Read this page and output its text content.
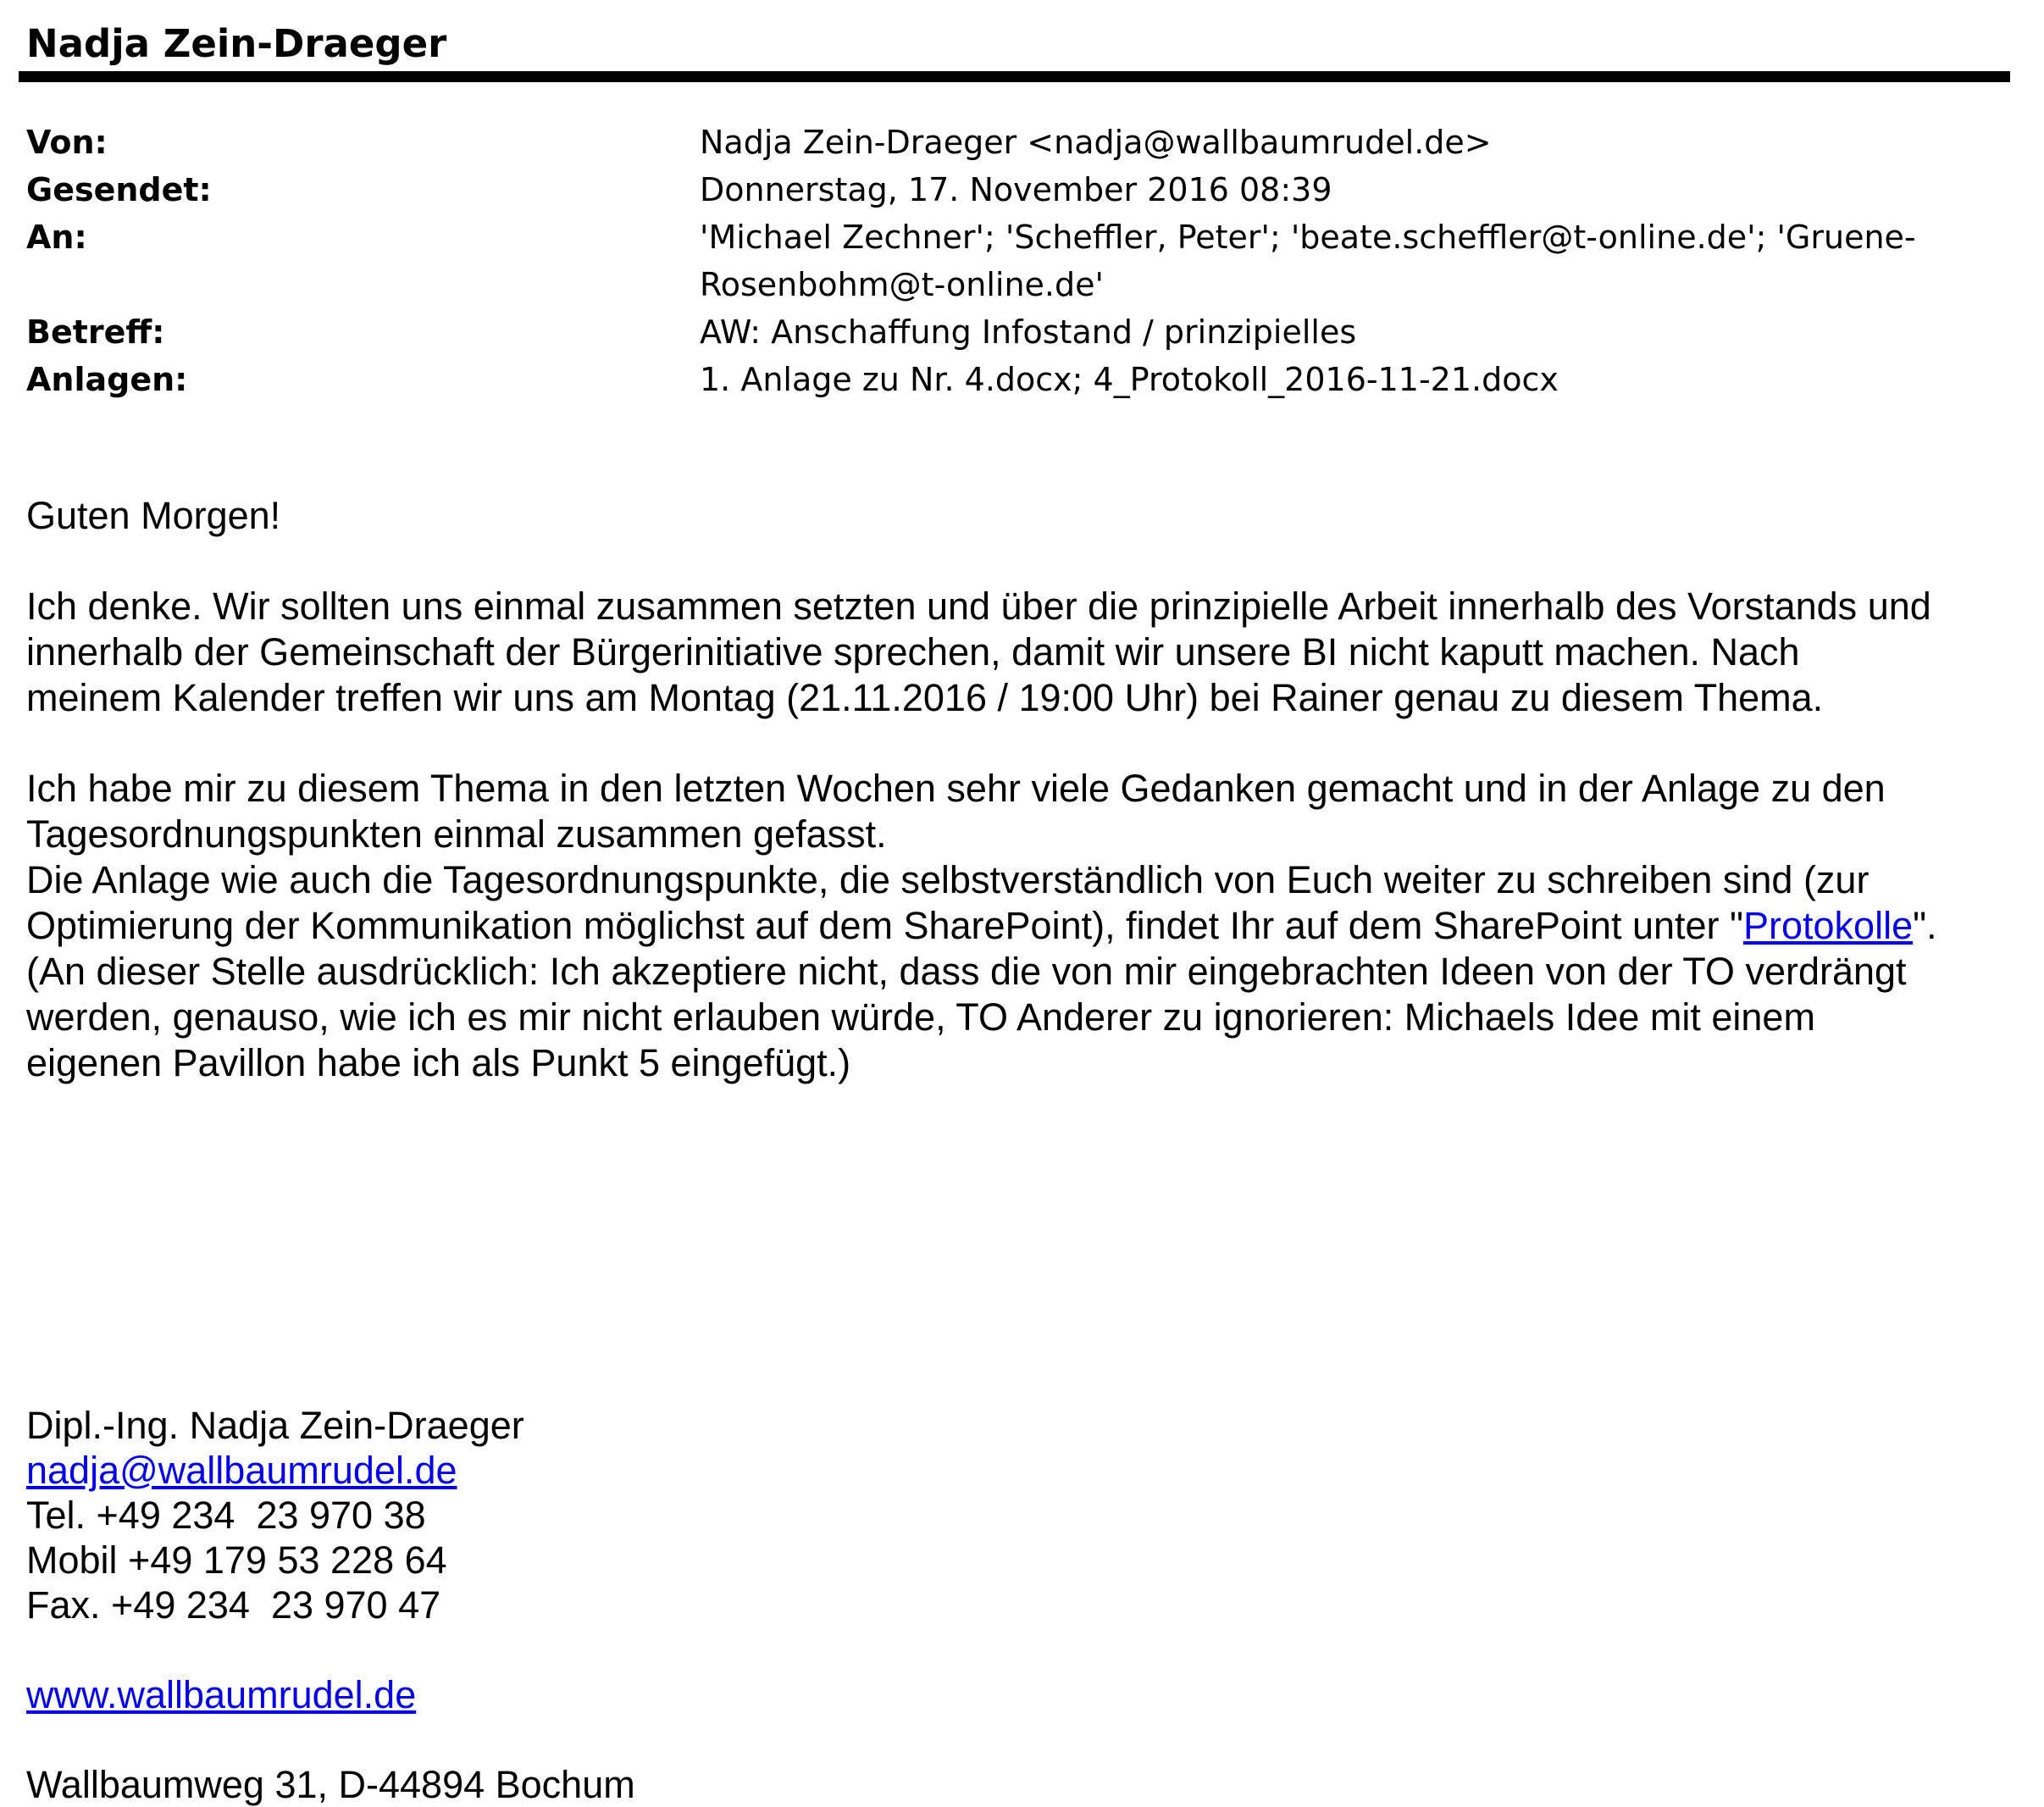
Nadja Zein-Draeger
Von:	Nadja Zein-Draeger <nadja@wallbaumrudel.de>
Gesendet:	Donnerstag, 17. November 2016 08:39
An:	'Michael Zechner'; 'Scheffler, Peter'; 'beate.scheffler@t-online.de'; 'Gruene-
Rosenbohm@t-online.de'
Betreff:	AW: Anschaffung Infostand / prinzipielles
Anlagen:	1. Anlage zu Nr. 4.docx; 4_Protokoll_2016-11-21.docx

Guten Morgen!

Ich denke. Wir sollten uns einmal zusammen setzten und über die prinzipielle Arbeit innerhalb des Vorstands und

innerhalb der Gemeinschaft der Bürgerinitiative sprechen, damit wir unsere BI nicht kaputt machen. Nach

meinem Kalender treffen wir uns am Montag (21.11.2016 / 19:00 Uhr) bei Rainer genau zu diesem Thema.

Ich habe mir zu diesem Thema in den letzten Wochen sehr viele Gedanken gemacht und in der Anlage zu den

Tagesordnungspunkten einmal zusammen gefasst.

Die Anlage wie auch die Tagesordnungspunkte, die selbstverständlich von Euch weiter zu schreiben sind (zur

Optimierung der Kommunikation möglichst auf dem SharePoint), findet Ihr auf dem SharePoint unter "Protokolle".

(An dieser Stelle ausdrücklich: Ich akzeptiere nicht, dass die von mir eingebrachten Ideen von der TO verdrängt

werden, genauso, wie ich es mir nicht erlauben würde, TO Anderer zu ignorieren: Michaels Idee mit einem

eigenen Pavillon habe ich als Punkt 5 eingefügt.)

Dipl.-Ing. Nadja Zein-Draeger
nadja@wallbaumrudel.de
Tel. +49 234  23 970 38
Mobil +49 179 53 228 64
Fax. +49 234  23 970 47
www.wallbaumrudel.de
Wallbaumweg 31, D-44894 Bochum
